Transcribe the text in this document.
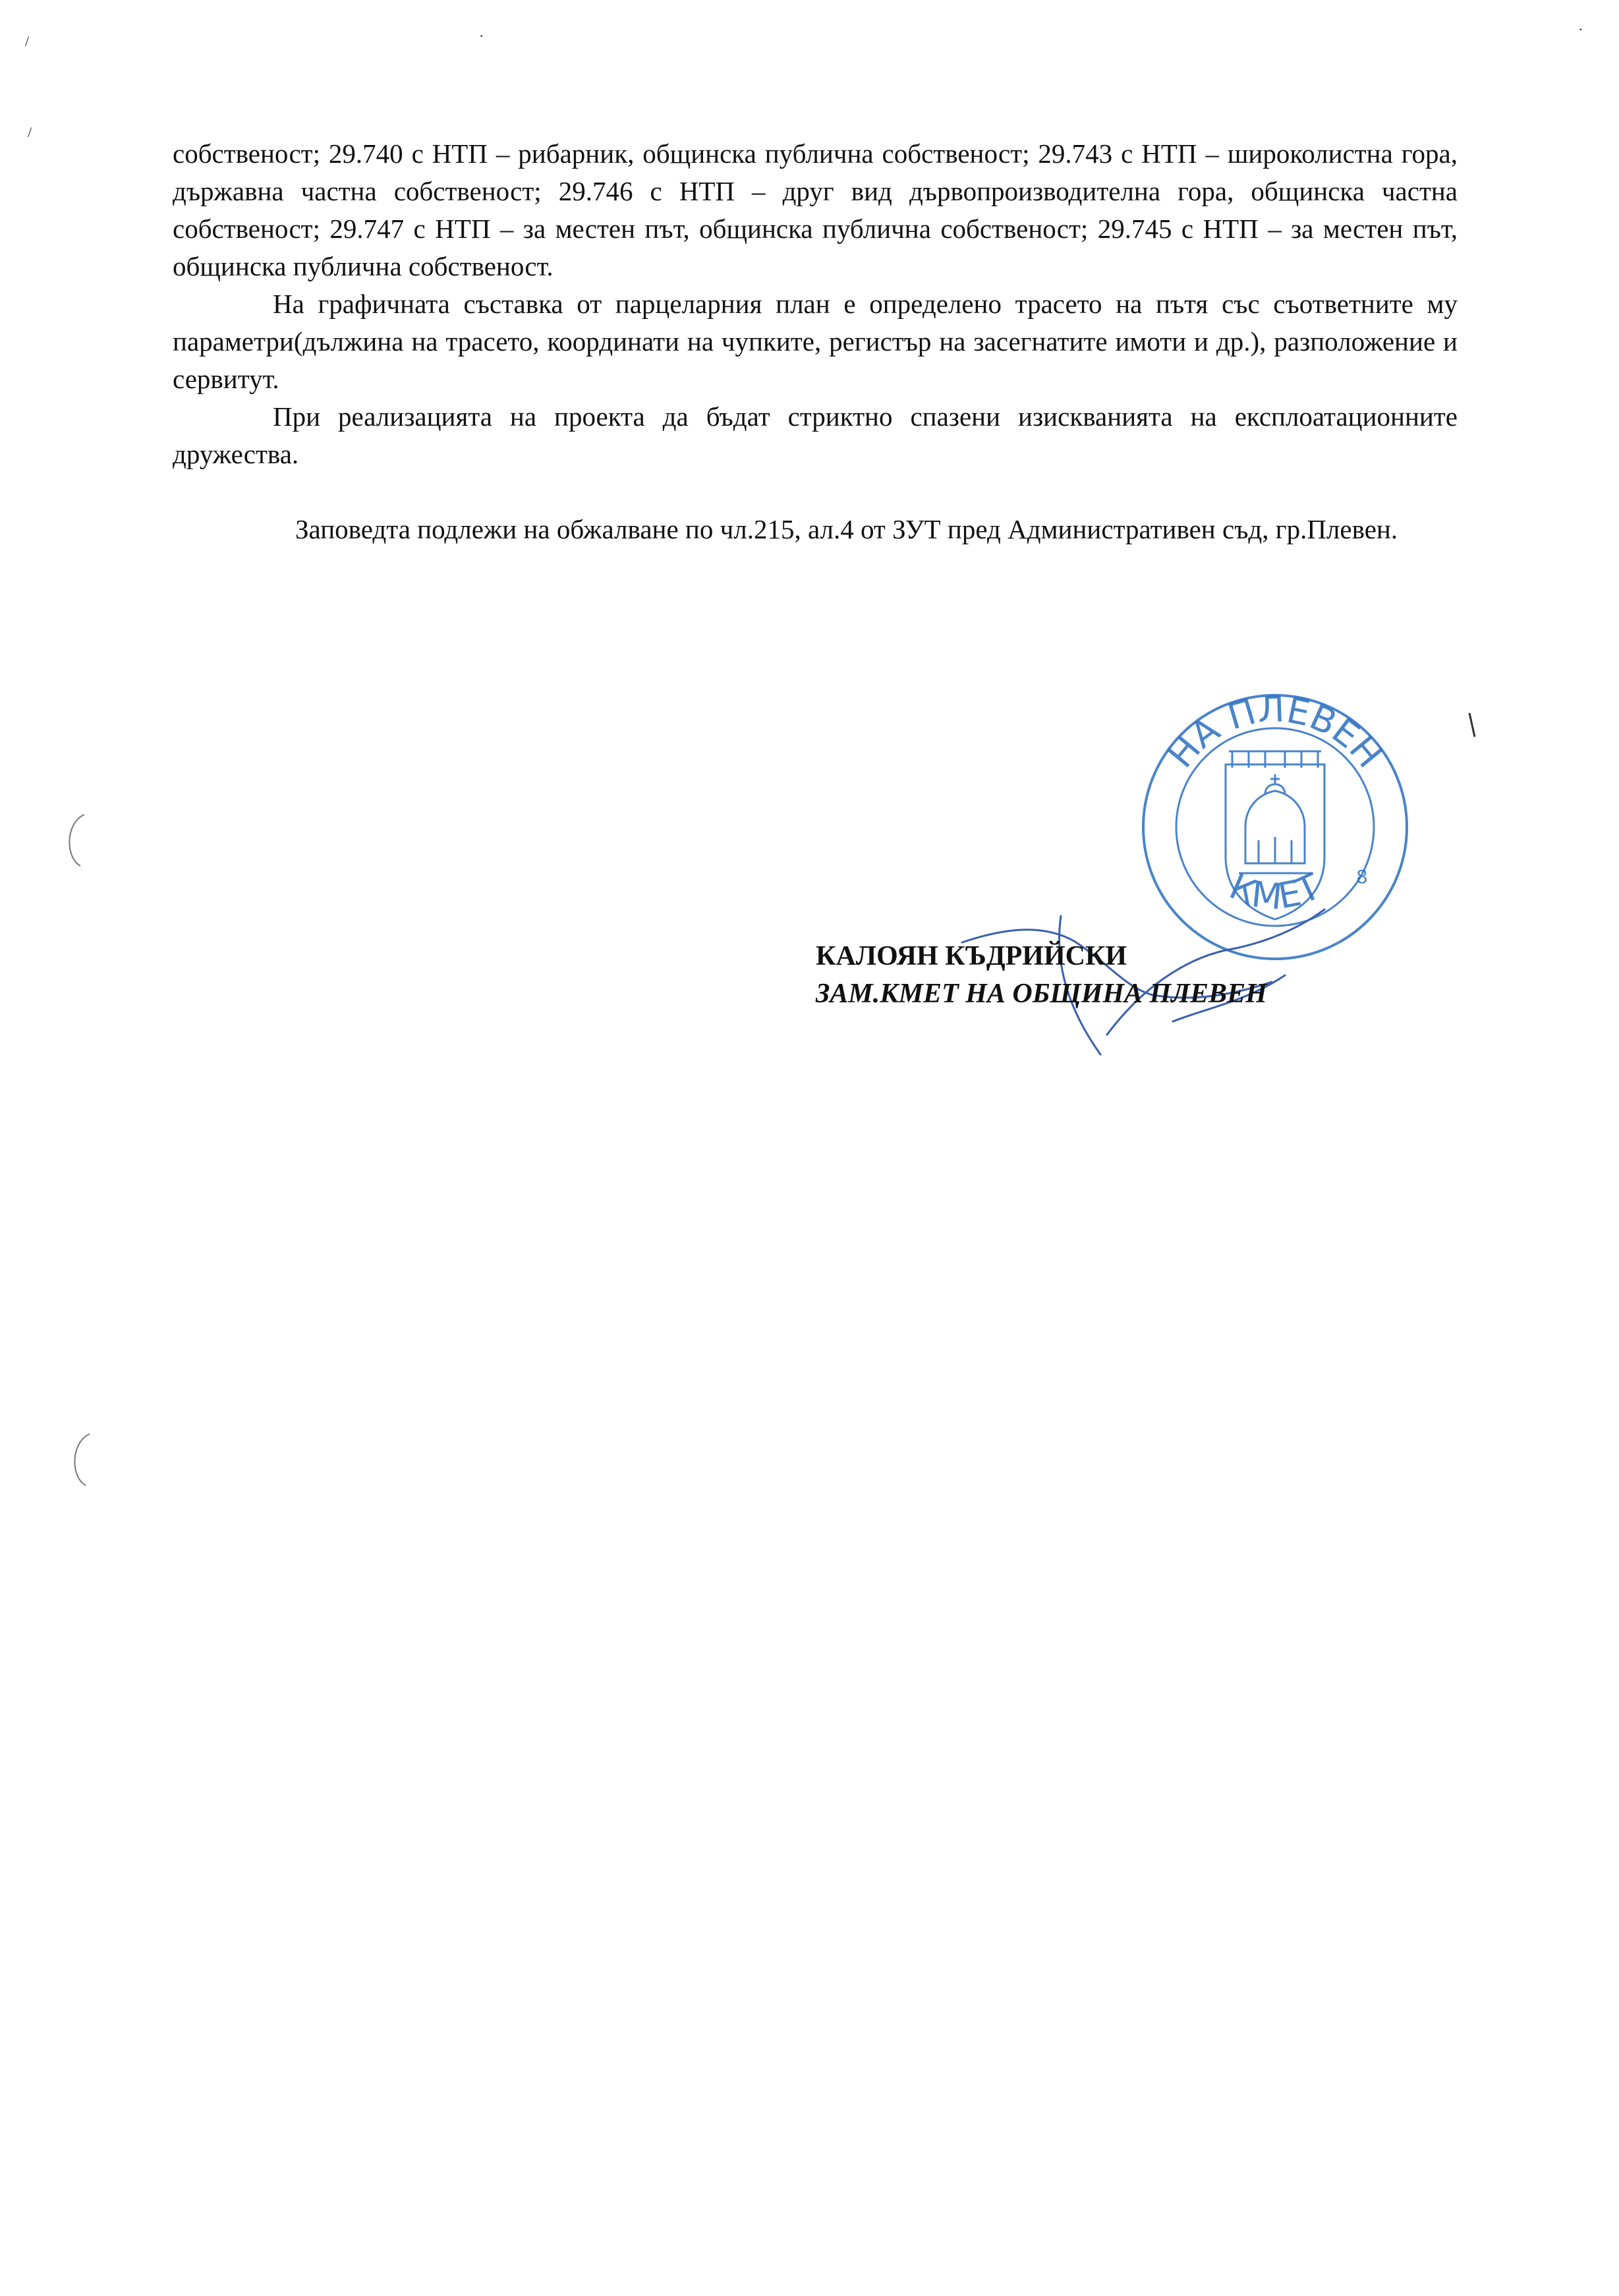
/
/
.	.

собственост; 29.740 с НТП – рибарник, общинска публична собственост; 29.743 с НТП – широколистна гора, държавна частна собственост; 29.746 с НТП – друг вид дървопроизводителна гора, общинска частна собственост; 29.747 с НТП – за местен път, общинска публична собственост; 29.745 с НТП – за местен път, общинска публична собственост.

На графичната съставка от парцеларния план е определено трасето на пътя със съответните му параметри(дължина на трасето, координати на чупките, регистър на засегнатите имоти и др.), разположение и сервитут.

При реализацията на проекта да бъдат стриктно спазени изискванията на експлоатационните дружества.

Заповедта подлежи на обжалване по чл.215, ал.4 от ЗУТ пред Административен съд, гр.Плевен.

НА ПЛЕВЕН
КМЕТ 8
КАЛОЯН КЪДРИЙСКИ
ЗАМ.КМЕТ НА ОБЩИНА ПЛЕВЕН
